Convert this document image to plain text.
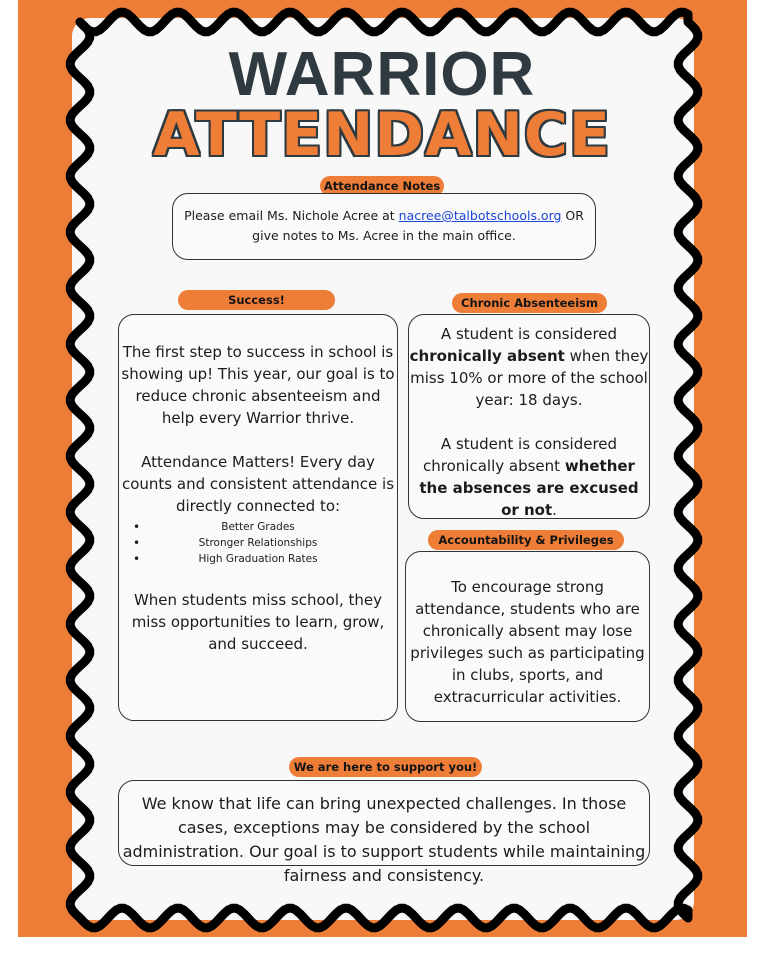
WARRIOR
ATTENDANCE
Attendance Notes
Please email Ms. Nichole Acree at nacree@talbotschools.org OR give notes to Ms. Acree in the main office.
Success!

The first step to success in school is showing up! This year, our goal is to reduce chronic absenteeism and help every Warrior thrive.

Attendance Matters! Every day counts and consistent attendance is directly connected to:

• Better Grades
• Stronger Relationships
• High Graduation Rates

When students miss school, they miss opportunities to learn, grow, and succeed.

Chronic Absenteeism

A student is considered chronically absent when they miss 10% or more of the school year: 18 days.

A student is considered chronically absent whether the absences are excused or not.

Accountability & Privileges
To encourage strong attendance, students who are chronically absent may lose privileges such as participating in clubs, sports, and extracurricular activities.
We are here to support you!
We know that life can bring unexpected challenges. In those cases, exceptions may be considered by the school administration. Our goal is to support students while maintaining fairness and consistency.
